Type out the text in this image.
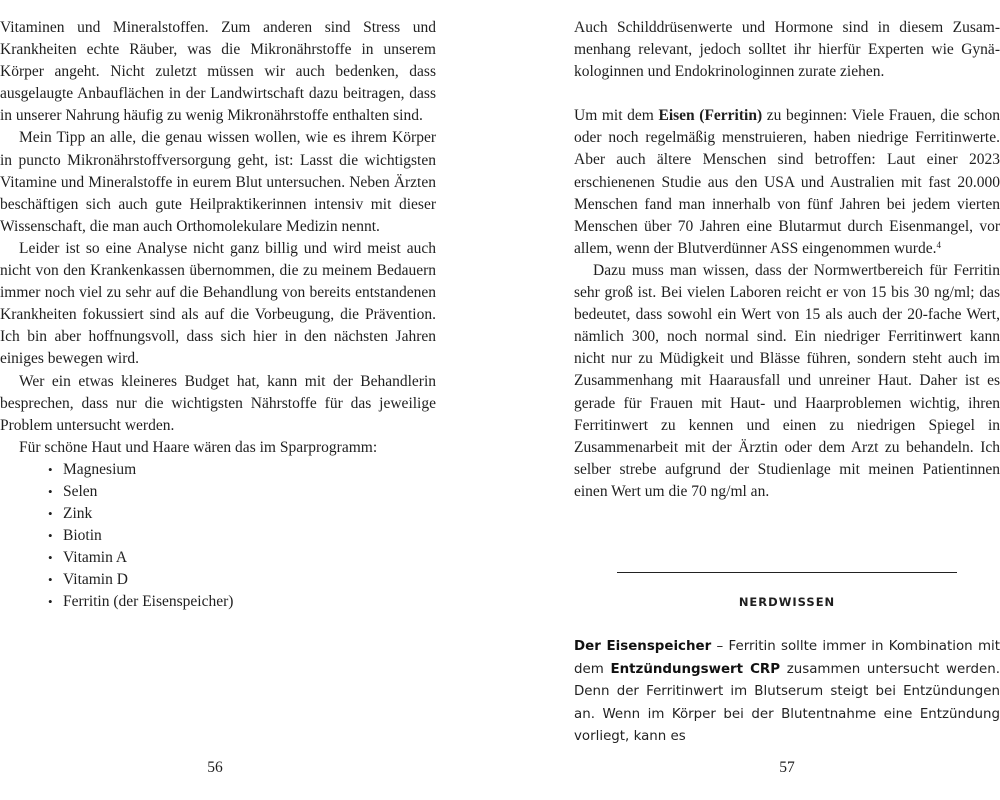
Vitaminen und Mineralstoffen. Zum anderen sind Stress und Krankheiten echte Räuber, was die Mikronährstoffe in unserem Körper angeht. Nicht zuletzt müssen wir auch bedenken, dass ausgelaugte Anbauflächen in der Landwirtschaft dazu beitragen, dass in unserer Nahrung häufig zu wenig Mikronährstoffe enthalten sind.

Mein Tipp an alle, die genau wissen wollen, wie es ihrem Körper in puncto Mikronährstoffversorgung geht, ist: Lasst die wichtigsten Vitamine und Mineralstoffe in eurem Blut untersuchen. Neben Ärzten beschäftigen sich auch gute Heilpraktikerinnen intensiv mit dieser Wissenschaft, die man auch Orthomolekulare Medizin nennt.

Leider ist so eine Analyse nicht ganz billig und wird meist auch nicht von den Krankenkassen übernommen, die zu meinem Bedauern immer noch viel zu sehr auf die Behandlung von bereits entstandenen Krankheiten fokussiert sind als auf die Vorbeugung, die Prävention. Ich bin aber hoffnungsvoll, dass sich hier in den nächsten Jahren einiges bewegen wird.

Wer ein etwas kleineres Budget hat, kann mit der Behandlerin besprechen, dass nur die wichtigsten Nährstoffe für das jeweilige Problem untersucht werden.

Für schöne Haut und Haare wären das im Sparprogramm:

• Magnesium
• Selen
• Zink
• Biotin
• Vitamin A
• Vitamin D
• Ferritin (der Eisenspeicher)
56

Auch Schilddrüsenwerte und Hormone sind in diesem Zusammenhang relevant, jedoch solltet ihr hierfür Experten wie Gynäkologinnen und Endokrinologinnen zurate ziehen.

Um mit dem Eisen (Ferritin) zu beginnen: Viele Frauen, die schon oder noch regelmäßig menstruieren, haben niedrige Ferritinwerte. Aber auch ältere Menschen sind betroffen: Laut einer 2023 erschienenen Studie aus den USA und Australien mit fast 20.000 Menschen fand man innerhalb von fünf Jahren bei jedem vierten Menschen über 70 Jahren eine Blutarmut durch Eisenmangel, vor allem, wenn der Blutverdünner ASS eingenommen wurde.$^4$

Dazu muss man wissen, dass der Normwertbereich für Ferritin sehr groß ist. Bei vielen Laboren reicht er von 15 bis 30 ng/ml; das bedeutet, dass sowohl ein Wert von 15 als auch der 20-fache Wert, nämlich 300, noch normal sind. Ein niedriger Ferritinwert kann nicht nur zu Müdigkeit und Blässe führen, sondern steht auch im Zusammenhang mit Haarausfall und unreiner Haut. Daher ist es gerade für Frauen mit Haut- und Haarproblemen wichtig, ihren Ferritinwert zu kennen und einen zu niedrigen Spiegel in Zusammenarbeit mit der Ärztin oder dem Arzt zu behandeln. Ich selber strebe aufgrund der Studienlage mit meinen Patientinnen einen Wert um die 70 ng/ml an.

NERDWISSEN
Der Eisenspeicher – Ferritin sollte immer in Kombination mit dem Entzündungswert CRP zusammen untersucht werden. Denn der Ferritinwert im Blutserum steigt bei Entzündungen an. Wenn im Körper bei der Blutentnahme eine Entzündung vorliegt, kann es
57
